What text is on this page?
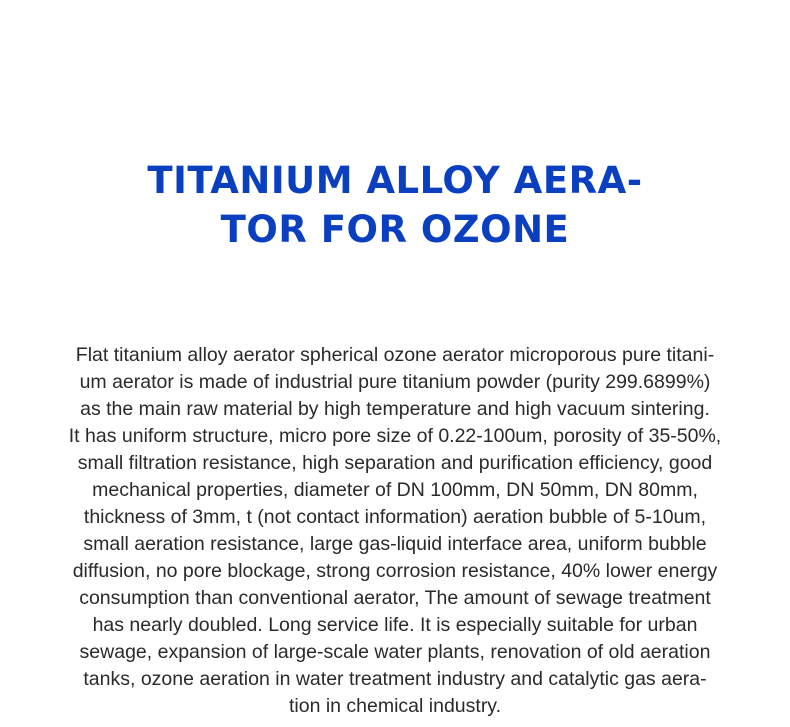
TITANIUM ALLOY AERA-
TOR FOR OZONE

Flat titanium alloy aerator spherical ozone aerator microporous pure titani-
um aerator is made of industrial pure titanium powder (purity 299.6899%)
as the main raw material by high temperature and high vacuum sintering.
It has uniform structure, micro pore size of 0.22-100um, porosity of 35-50%,
small filtration resistance, high separation and purification efficiency, good
mechanical properties, diameter of DN 100mm, DN 50mm, DN 80mm,
thickness of 3mm, t (not contact information) aeration bubble of 5-10um,
small aeration resistance, large gas-liquid interface area, uniform bubble
diffusion, no pore blockage, strong corrosion resistance, 40% lower energy
consumption than conventional aerator, The amount of sewage treatment
has nearly doubled. Long service life. It is especially suitable for urban
sewage, expansion of large-scale water plants, renovation of old aeration
tanks, ozone aeration in water treatment industry and catalytic gas aera-
tion in chemical industry.
